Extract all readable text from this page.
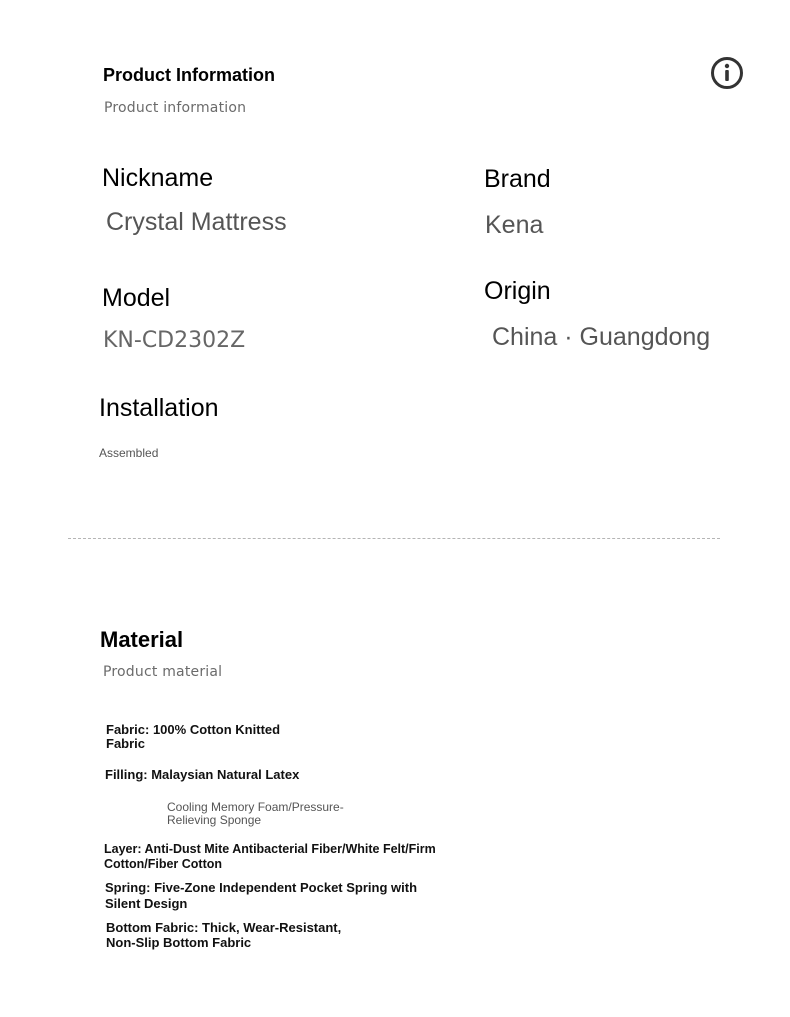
Product Information
Product information
Nickname
Crystal Mattress
Brand
Kena
Model
KN-CD2302Z
Origin
China · Guangdong
Installation
Assembled
Material
Product material
Fabric: 100% Cotton Knitted Fabric
Filling: Malaysian Natural Latex
Cooling Memory Foam/Pressure-Relieving Sponge
Layer: Anti-Dust Mite Antibacterial Fiber/White Felt/Firm Cotton/Fiber Cotton
Spring: Five-Zone Independent Pocket Spring with Silent Design
Bottom Fabric: Thick, Wear-Resistant, Non-Slip Bottom Fabric
